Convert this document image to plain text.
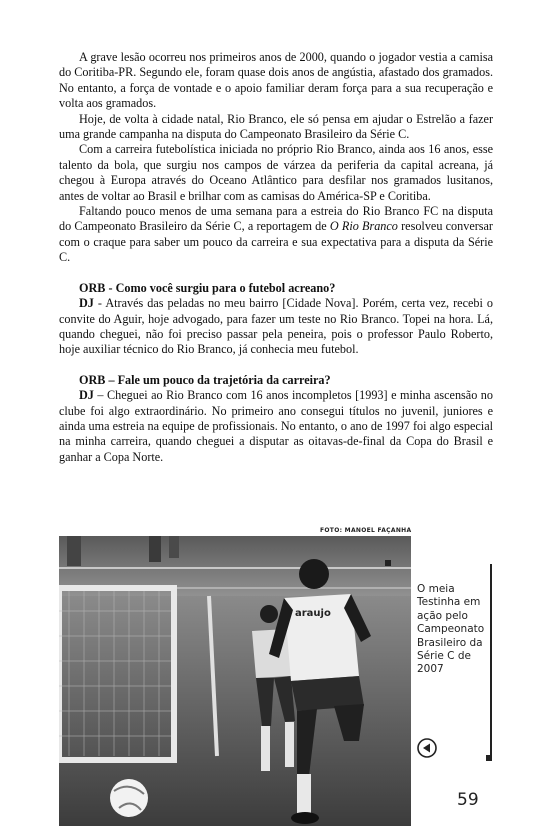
A grave lesão ocorreu nos primeiros anos de 2000, quando o jogador vestia a camisa do Coritiba-PR. Segundo ele, foram quase dois anos de angústia, afastado dos gramados. No entanto, a força de vontade e o apoio familiar deram força para a sua recuperação e volta aos gramados.

Hoje, de volta à cidade natal, Rio Branco, ele só pensa em ajudar o Estrelão a fazer uma grande campanha na disputa do Campeonato Brasileiro da Série C.

Com a carreira futebolística iniciada no próprio Rio Branco, ainda aos 16 anos, esse talento da bola, que surgiu nos campos de várzea da periferia da capital acreana, já chegou à Europa através do Oceano Atlântico para desfilar nos gramados lusitanos, antes de voltar ao Brasil e brilhar com as camisas do América-SP e Coritiba.

Faltando pouco menos de uma semana para a estreia do Rio Branco FC na disputa do Campeonato Brasileiro da Série C, a reportagem de O Rio Branco resolveu conversar com o craque para saber um pouco da carreira e sua expectativa para a disputa da Série C.

ORB - Como você surgiu para o futebol acreano?

DJ - Através das peladas no meu bairro [Cidade Nova]. Porém, certa vez, recebi o convite do Aguir, hoje advogado, para fazer um teste no Rio Branco. Topei na hora. Lá, quando cheguei, não foi preciso passar pela peneira, pois o professor Paulo Roberto, hoje auxiliar técnico do Rio Branco, já conhecia meu futebol.

ORB – Fale um pouco da trajetória da carreira?

DJ – Cheguei ao Rio Branco com 16 anos incompletos [1993] e minha ascensão no clube foi algo extraordinário. No primeiro ano consegui títulos no juvenil, juniores e ainda uma estreia na equipe de profissionais. No entanto, o ano de 1997 foi algo especial na minha carreira, quando cheguei a disputar as oitavas-de-final da Copa do Brasil e ganhar a Copa Norte.

FOTO: MANOEL FAÇANHA
araujo
O meia Testinha em ação pelo Campeonato Brasileiro da Série C de 2007
59
